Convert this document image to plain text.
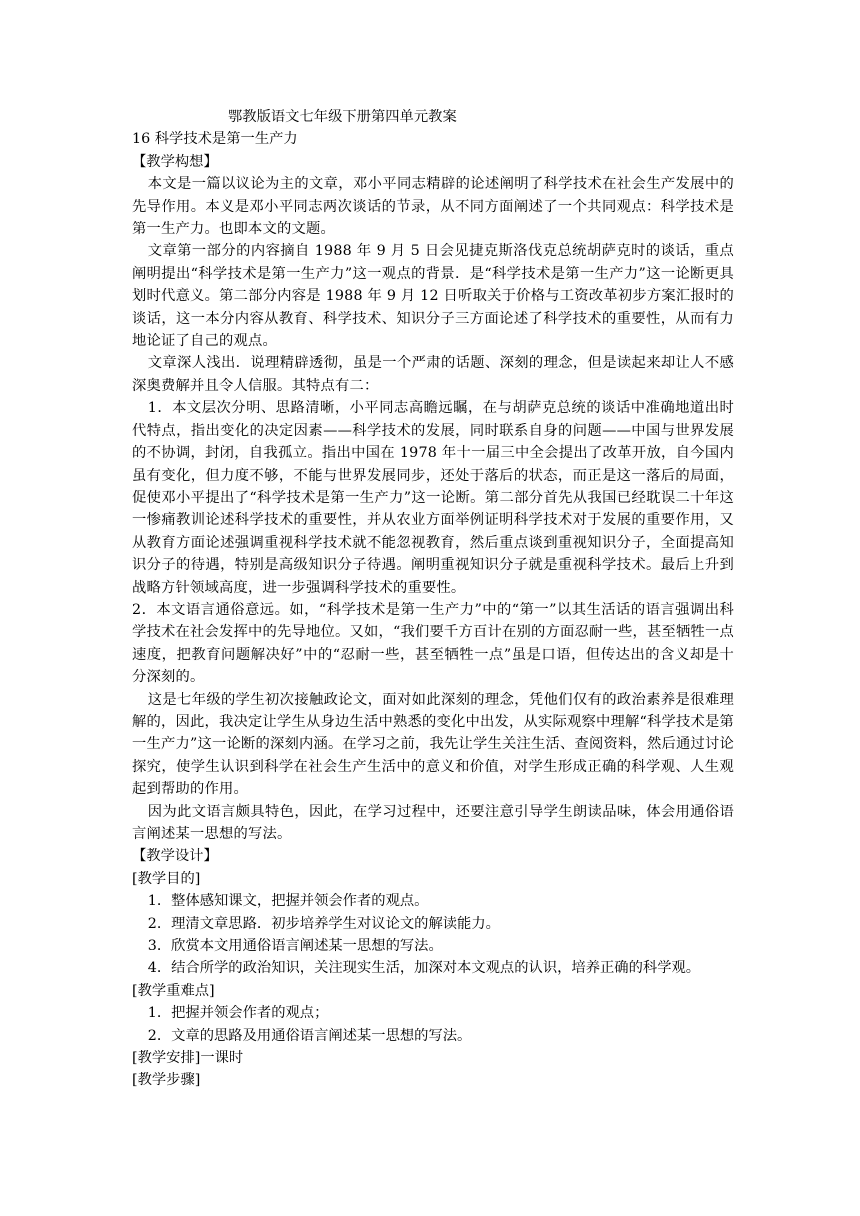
鄂教版语文七年级下册第四单元教案

16 科学技术是第一生产力

【教学构想】

本文是一篇以议论为主的文章，邓小平同志精辟的论述阐明了科学技术在社会生产发展中的先导作用。本义是邓小平同志两次谈话的节录，从不同方面阐述了一个共同观点：科学技术是第一生产力。也即本文的文题。

文章第一部分的内容摘自 1988 年 9 月 5 日会见捷克斯洛伐克总统胡萨克时的谈话，重点阐明提出“科学技术是第一生产力”这一观点的背景．是“科学技术是第一生产力”这一论断更具划时代意义。第二部分内容是 1988 年 9 月 12 日听取关于价格与工资改革初步方案汇报时的谈话，这一本分内容从教育、科学技术、知识分子三方面论述了科学技术的重要性，从而有力地论证了自己的观点。

文章深人浅出．说理精辟透彻，虽是一个严肃的话题、深刻的理念，但是读起来却让人不感深奥费解并且令人信服。其特点有二：

1．本文层次分明、思路清晰，小平同志高瞻远瞩，在与胡萨克总统的谈话中准确地道出时代特点，指出变化的决定因素——科学技术的发展，同时联系自身的问题——中国与世界发展的不协调，封闭，自我孤立。指出中国在 1978 年十一届三中全会提出了改革开放，自今国内虽有变化，但力度不够，不能与世界发展同步，还处于落后的状态，而正是这一落后的局面，促使邓小平提出了“科学技术是第一生产力”这一论断。第二部分首先从我国已经耽误二十年这一惨痛教训论述科学技术的重要性，并从农业方面举例证明科学技术对于发展的重要作用，又从教育方面论述强调重视科学技术就不能忽视教育，然后重点谈到重视知识分子，全面提高知识分子的待遇，特别是高级知识分子待遇。阐明重视知识分子就是重视科学技术。最后上升到战略方针领域高度，进一步强调科学技术的重要性。

2．本文语言通俗意远。如，“科学技术是第一生产力”中的“第一”以其生活话的语言强调出科学技术在社会发挥中的先导地位。又如，“我们要千方百计在别的方面忍耐一些，甚至牺牲一点速度，把教育问题解决好”中的“忍耐一些，甚至牺牲一点”虽是口语，但传达出的含义却是十分深刻的。

这是七年级的学生初次接触政论文，面对如此深刻的理念，凭他们仅有的政治素养是很难理解的，因此，我决定让学生从身边生活中熟悉的变化中出发，从实际观察中理解“科学技术是第一生产力”这一论断的深刻内涵。在学习之前，我先让学生关注生活、查阅资料，然后通过讨论探究，使学生认识到科学在社会生产生活中的意义和价值，对学生形成正确的科学观、人生观起到帮助的作用。

因为此文语言颇具特色，因此，在学习过程中，还要注意引导学生朗读品味，体会用通俗语言阐述某一思想的写法。

【教学设计】

[教学目的]

1．整体感知课文，把握并领会作者的观点。

2．理清文章思路．初步培养学生对议论文的解读能力。

3．欣赏本文用通俗语言阐述某一思想的写法。

4．结合所学的政治知识，关注现实生活，加深对本文观点的认识，培养正确的科学观。

[教学重难点]

1．把握并领会作者的观点；

2．文章的思路及用通俗语言阐述某一思想的写法。

[教学安排]一课时

[教学步骤]
